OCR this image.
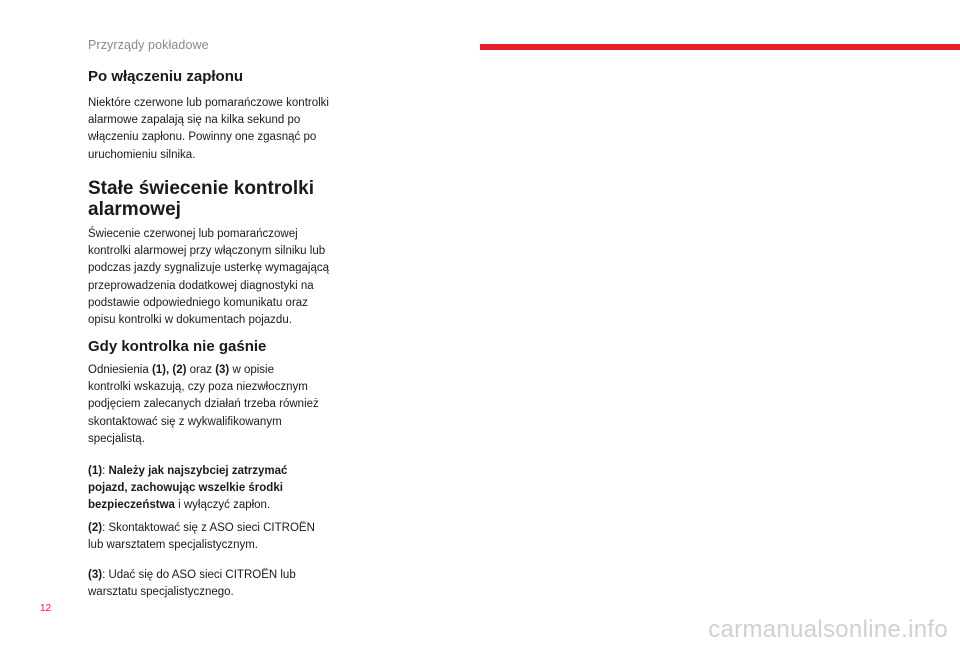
Przyrządy pokładowe
Po włączeniu zapłonu

Niektóre czerwone lub pomarańczowe kontrolki
alarmowe zapalają się na kilka sekund po
włączeniu zapłonu. Powinny one zgasnąć po
uruchomieniu silnika.

Stałe świecenie kontrolki
alarmowej

Świecenie czerwonej lub pomarańczowej
kontrolki alarmowej przy włączonym silniku lub
podczas jazdy sygnalizuje usterkę wymagającą
przeprowadzenia dodatkowej diagnostyki na
podstawie odpowiedniego komunikatu oraz
opisu kontrolki w dokumentach pojazdu.

Gdy kontrolka nie gaśnie

Odniesienia (1), (2) oraz (3) w opisie
kontrolki wskazują, czy poza niezwłocznym
podjęciem zalecanych działań trzeba również
skontaktować się z wykwalifikowanym
specjalistą.

(1): Należy jak najszybciej zatrzymać
pojazd, zachowując wszelkie środki
bezpieczeństwa i wyłączyć zapłon.

(2): Skontaktować się z ASO sieci CITROËN
lub warsztatem specjalistycznym.

(3): Udać się do ASO sieci CITROËN lub
warsztatu specjalistycznego.

12
carmanualsonline.info
